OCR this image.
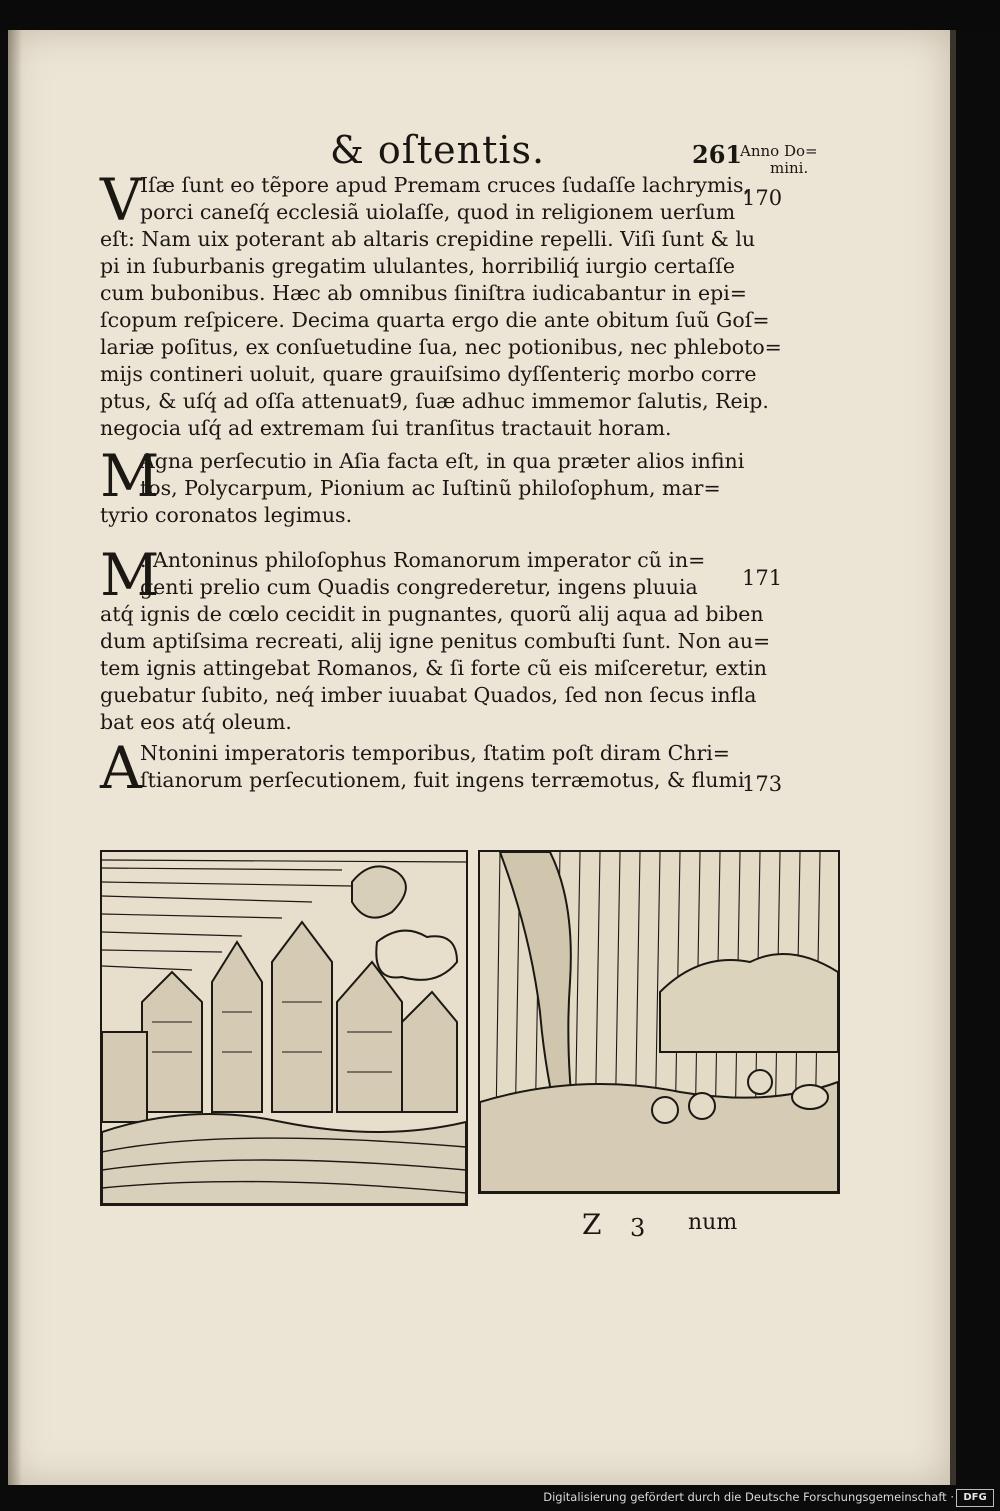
& oſtentis.	261
Anno Do=
mini.
170
171
173
V
Iſæ ſunt eo tẽpore apud Premam cruces ſudaſſe lachrymis,
porci caneſq́ ecclesiã uiolaſſe, quod in religionem uerſum
eſt: Nam uix poterant ab altaris crepidine repelli. Viſi ſunt & lu
pi in ſuburbanis gregatim ululantes, horribiliq́ iurgio certaſſe
cum bubonibus. Hæc ab omnibus ſiniſtra iudicabantur in epi=
ſcopum reſpicere. Decima quarta ergo die ante obitum ſuũ Goſ=
lariæ poſitus, ex conſuetudine ſua, nec potionibus, nec phleboto=
mijs contineri uoluit, quare grauiſsimo dyſſenteriç morbo corre
ptus, & uſq́ ad oſſa attenuat9, ſuæ adhuc immemor ſalutis, Reip.
negocia uſq́ ad extremam ſui tranſitus tractauit horam.
M
Agna perſecutio in Aſia facta eſt, in qua præter alios infini
tos, Polycarpum, Pionium ac Iuſtinũ philoſophum, mar=
tyrio coronatos legimus.
M
. Antoninus philoſophus Romanorum imperator cũ in=
genti prelio cum Quadis congrederetur, ingens pluuia
atq́ ignis de cœlo cecidit in pugnantes, quorũ alij aqua ad biben
dum aptiſsima recreati, alij igne penitus combuſti ſunt. Non au=
tem ignis attingebat Romanos, & ſi forte cũ eis miſceretur, extin
guebatur ſubito, neq́ imber iuuabat Quados, ſed non ſecus infla
bat eos atq́ oleum.
A
Ntonini imperatoris temporibus, ſtatim poſt diram Chri=
ſtianorum perſecutionem, fuit ingens terræmotus, & flumi
Z 3 num
Digitalisierung gefördert durch die Deutsche Forschungsgemeinschaft · DFG
